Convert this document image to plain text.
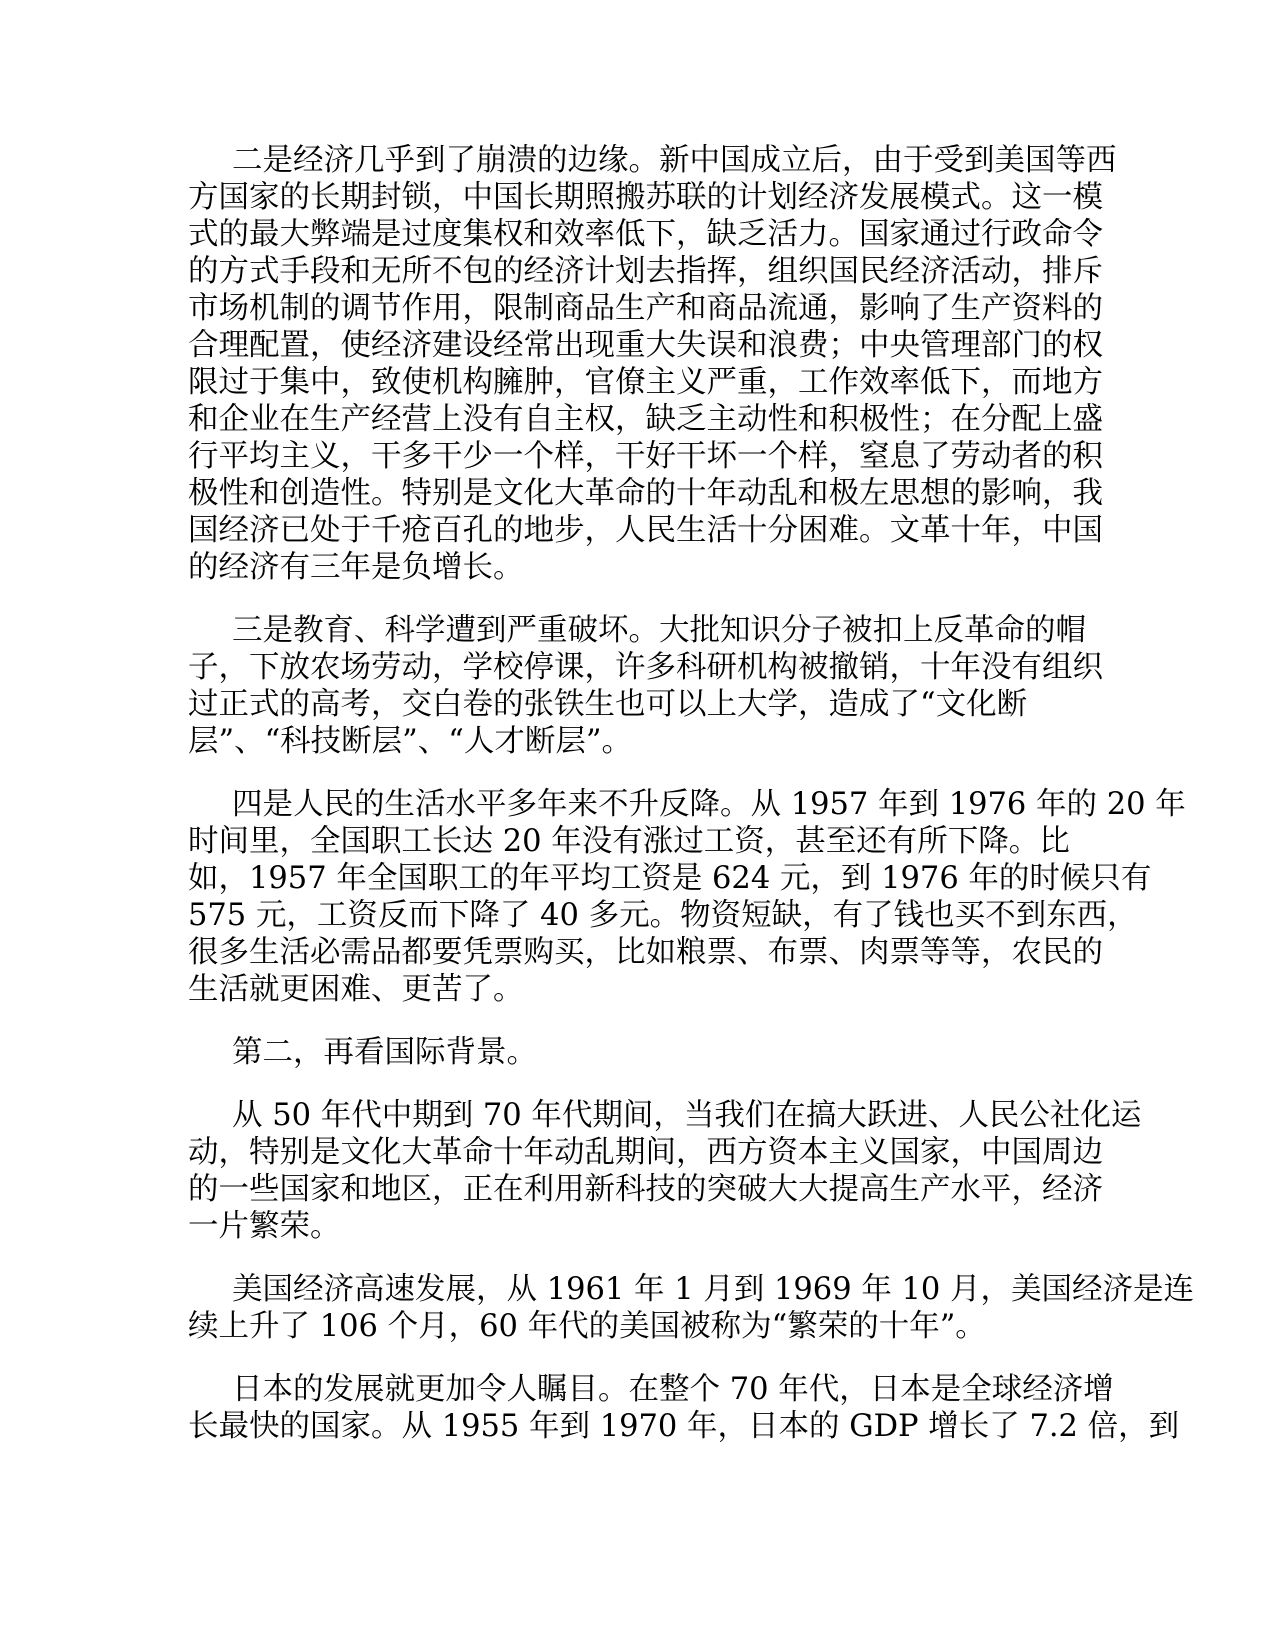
二是经济几乎到了崩溃的边缘。新中国成立后，由于受到美国等西
方国家的长期封锁，中国长期照搬苏联的计划经济发展模式。这一模
式的最大弊端是过度集权和效率低下，缺乏活力。国家通过行政命令
的方式手段和无所不包的经济计划去指挥，组织国民经济活动，排斥
市场机制的调节作用，限制商品生产和商品流通，影响了生产资料的
合理配置，使经济建设经常出现重大失误和浪费；中央管理部门的权
限过于集中，致使机构臃肿，官僚主义严重，工作效率低下，而地方
和企业在生产经营上没有自主权，缺乏主动性和积极性；在分配上盛
行平均主义，干多干少一个样，干好干坏一个样，窒息了劳动者的积
极性和创造性。特别是文化大革命的十年动乱和极左思想的影响，我
国经济已处于千疮百孔的地步，人民生活十分困难。文革十年，中国
的经济有三年是负增长。

三是教育、科学遭到严重破坏。大批知识分子被扣上反革命的帽
子，下放农场劳动，学校停课，许多科研机构被撤销，十年没有组织
过正式的高考，交白卷的张铁生也可以上大学，造成了“文化断
层”、“科技断层”、“人才断层”。

四是人民的生活水平多年来不升反降。从 1957 年到 1976 年的 20 年
时间里，全国职工长达 20 年没有涨过工资，甚至还有所下降。比
如，1957 年全国职工的年平均工资是 624 元，到 1976 年的时候只有
575 元，工资反而下降了 40 多元。物资短缺，有了钱也买不到东西，
很多生活必需品都要凭票购买，比如粮票、布票、肉票等等，农民的
生活就更困难、更苦了。

第二，再看国际背景。

从 50 年代中期到 70 年代期间，当我们在搞大跃进、人民公社化运
动，特别是文化大革命十年动乱期间，西方资本主义国家，中国周边
的一些国家和地区，正在利用新科技的突破大大提高生产水平，经济
一片繁荣。

美国经济高速发展，从 1961 年 1 月到 1969 年 10 月，美国经济是连
续上升了 106 个月，60 年代的美国被称为“繁荣的十年”。

日本的发展就更加令人瞩目。在整个 70 年代，日本是全球经济增
长最快的国家。从 1955 年到 1970 年，日本的 GDP 增长了 7.2 倍，到
